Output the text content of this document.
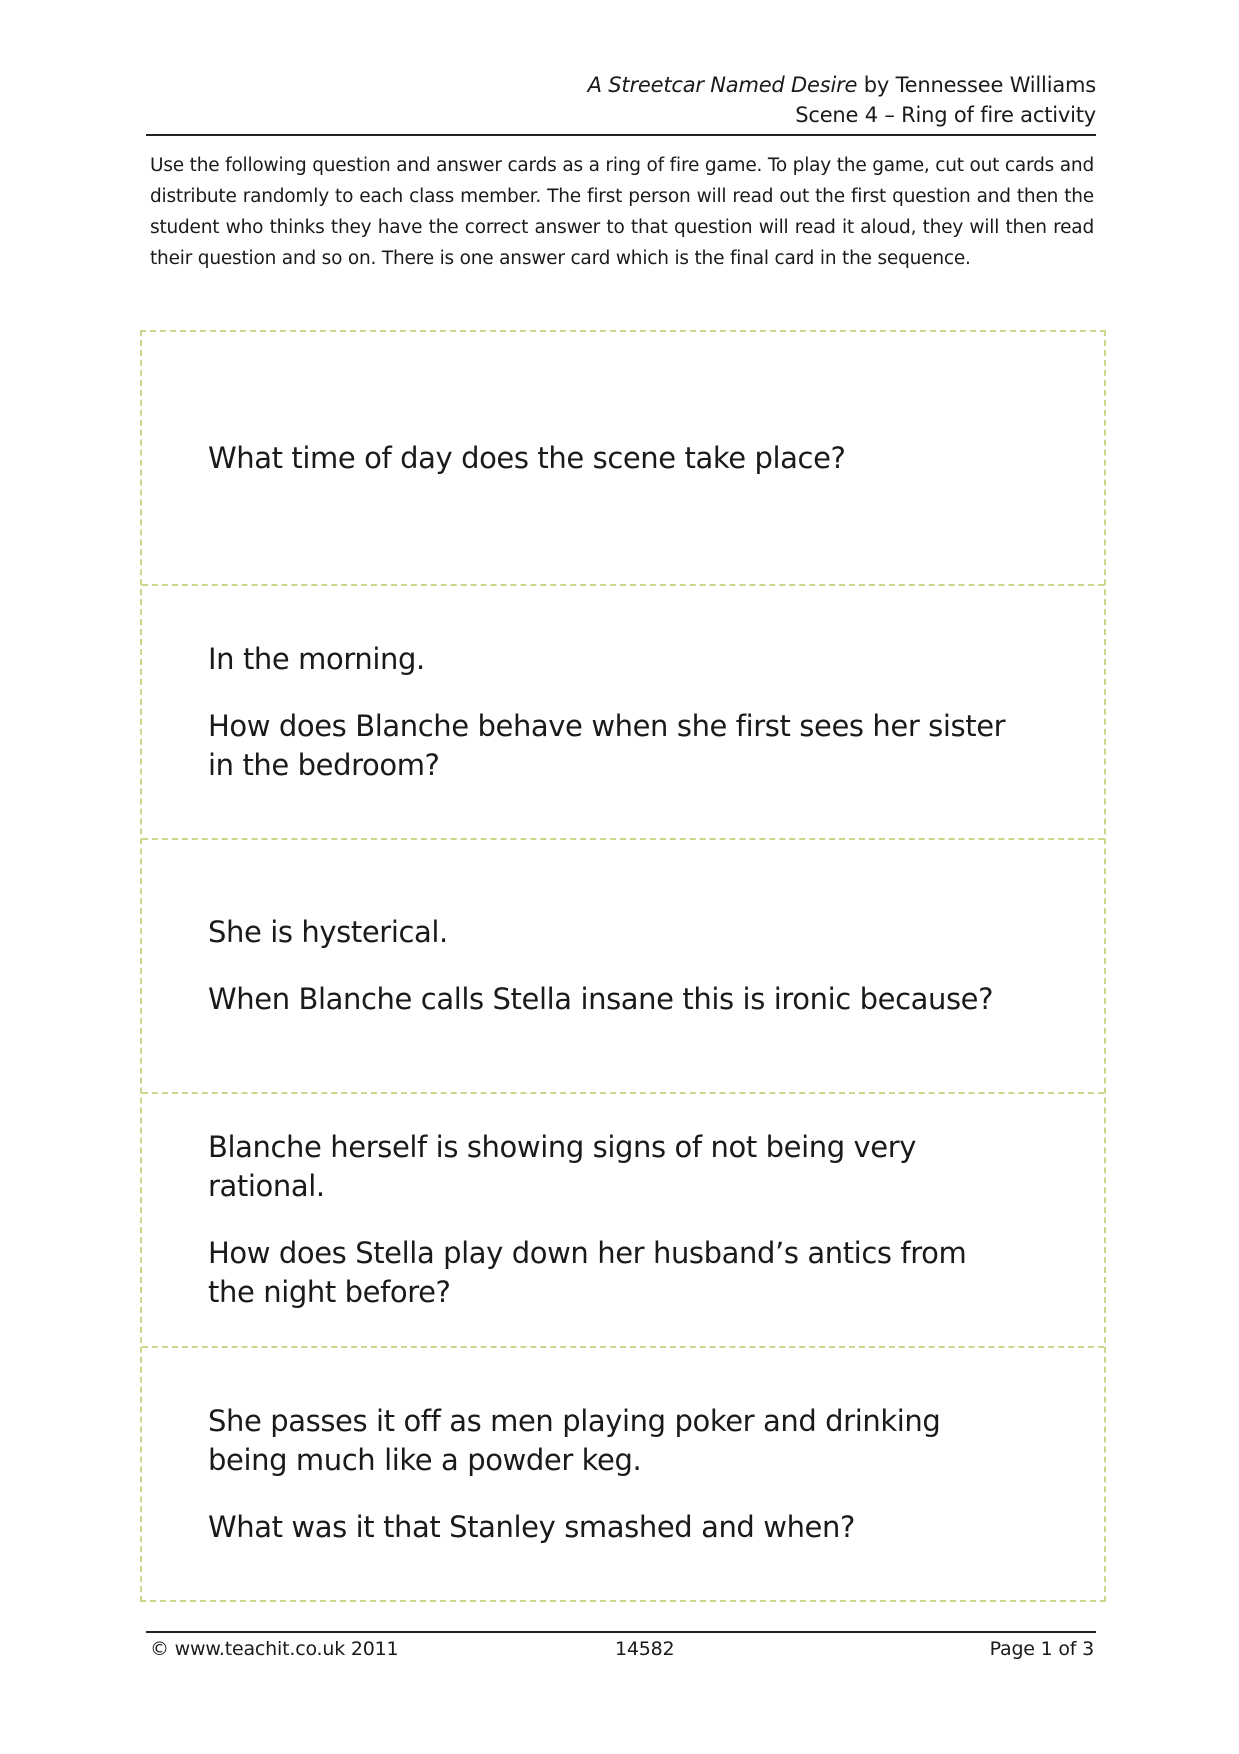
A Streetcar Named Desire by Tennessee Williams
Scene 4 – Ring of fire activity
Use the following question and answer cards as a ring of fire game. To play the game, cut out cards and distribute randomly to each class member. The first person will read out the first question and then the student who thinks they have the correct answer to that question will read it aloud, they will then read their question and so on. There is one answer card which is the final card in the sequence.

What time of day does the scene take place?

In the morning.

How does Blanche behave when she first sees her sister in the bedroom?

She is hysterical.

When Blanche calls Stella insane this is ironic because?

Blanche herself is showing signs of not being very rational.

How does Stella play down her husband’s antics from the night before?

She passes it off as men playing poker and drinking being much like a powder keg.

What was it that Stanley smashed and when?

© www.teachit.co.uk 2011	14582	Page 1 of 3
